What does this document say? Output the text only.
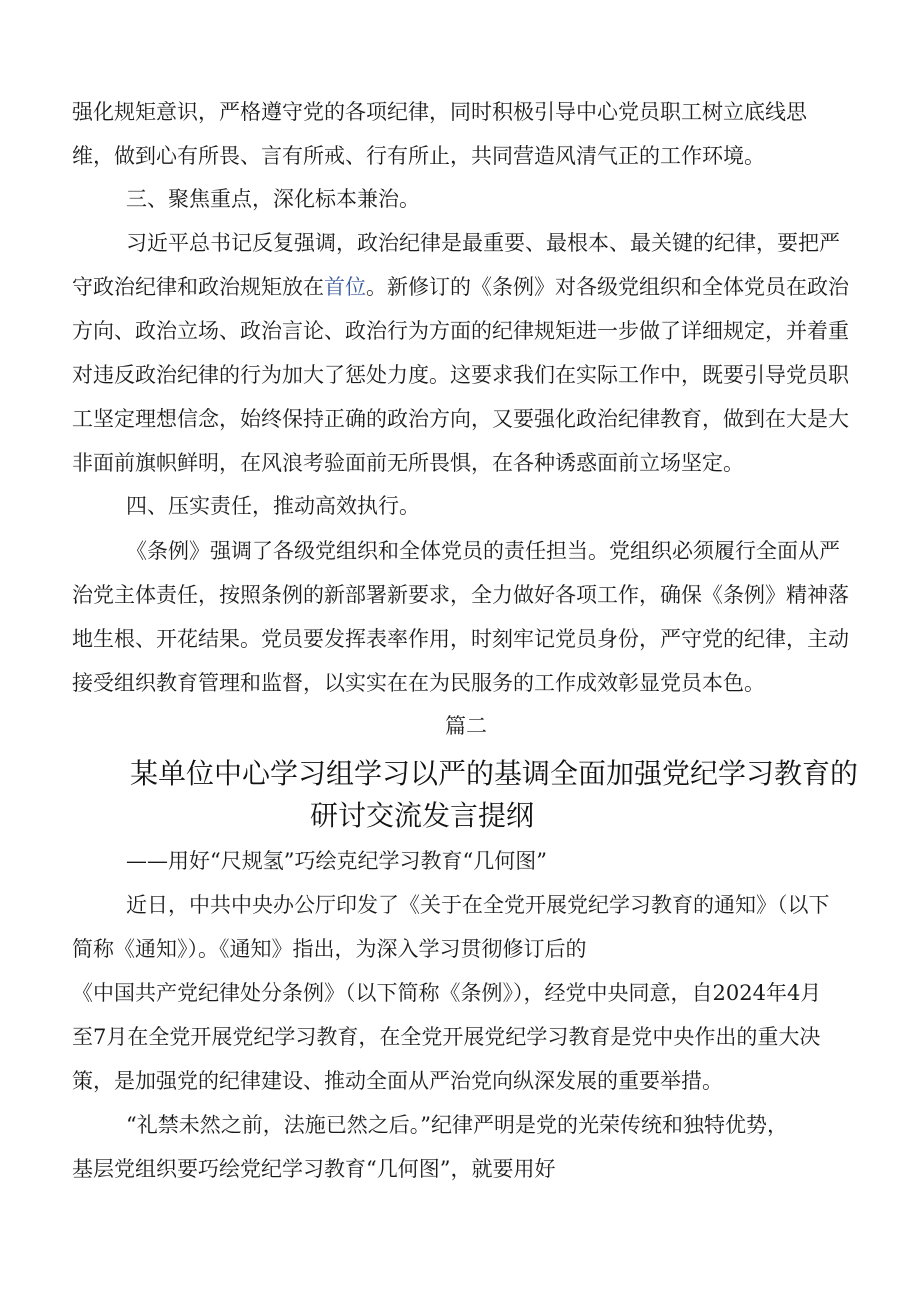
强化规矩意识，严格遵守党的各项纪律，同时积极引导中心党员职工树立底线思
维，做到心有所畏、言有所戒、行有所止，共同营造风清气正的工作环境。
三、聚焦重点，深化标本兼治。
习近平总书记反复强调，政治纪律是最重要、最根本、最关键的纪律，要把严
守政治纪律和政治规矩放在首位。新修订的《条例》对各级党组织和全体党员在政治
方向、政治立场、政治言论、政治行为方面的纪律规矩进一步做了详细规定，并着重
对违反政治纪律的行为加大了惩处力度。这要求我们在实际工作中，既要引导党员职
工坚定理想信念，始终保持正确的政治方向，又要强化政治纪律教育，做到在大是大
非面前旗帜鲜明，在风浪考验面前无所畏惧，在各种诱惑面前立场坚定。
四、压实责任，推动高效执行。
《条例》强调了各级党组织和全体党员的责任担当。党组织必须履行全面从严
治党主体责任，按照条例的新部署新要求，全力做好各项工作，确保《条例》精神落
地生根、开花结果。党员要发挥表率作用，时刻牢记党员身份，严守党的纪律，主动
接受组织教育管理和监督，以实实在在为民服务的工作成效彰显党员本色。
篇二
某单位中心学习组学习以严的基调全面加强党纪学习教育的
研讨交流发言提纲
——用好“尺规氢”巧绘克纪学习教育“几何图”
近日，中共中央办公厅印发了《关于在全党开展党纪学习教育的通知》（以下
简称《通知》）。《通知》指出，为深入学习贯彻修订后的
《中国共产党纪律处分条例》（以下简称《条例》），经党中央同意，自2024年4月
至7月在全党开展党纪学习教育，在全党开展党纪学习教育是党中央作出的重大决
策，是加强党的纪律建设、推动全面从严治党向纵深发展的重要举措。
“礼禁未然之前，法施已然之后。”纪律严明是党的光荣传统和独特优势，
基层党组织要巧绘党纪学习教育“几何图”，就要用好
